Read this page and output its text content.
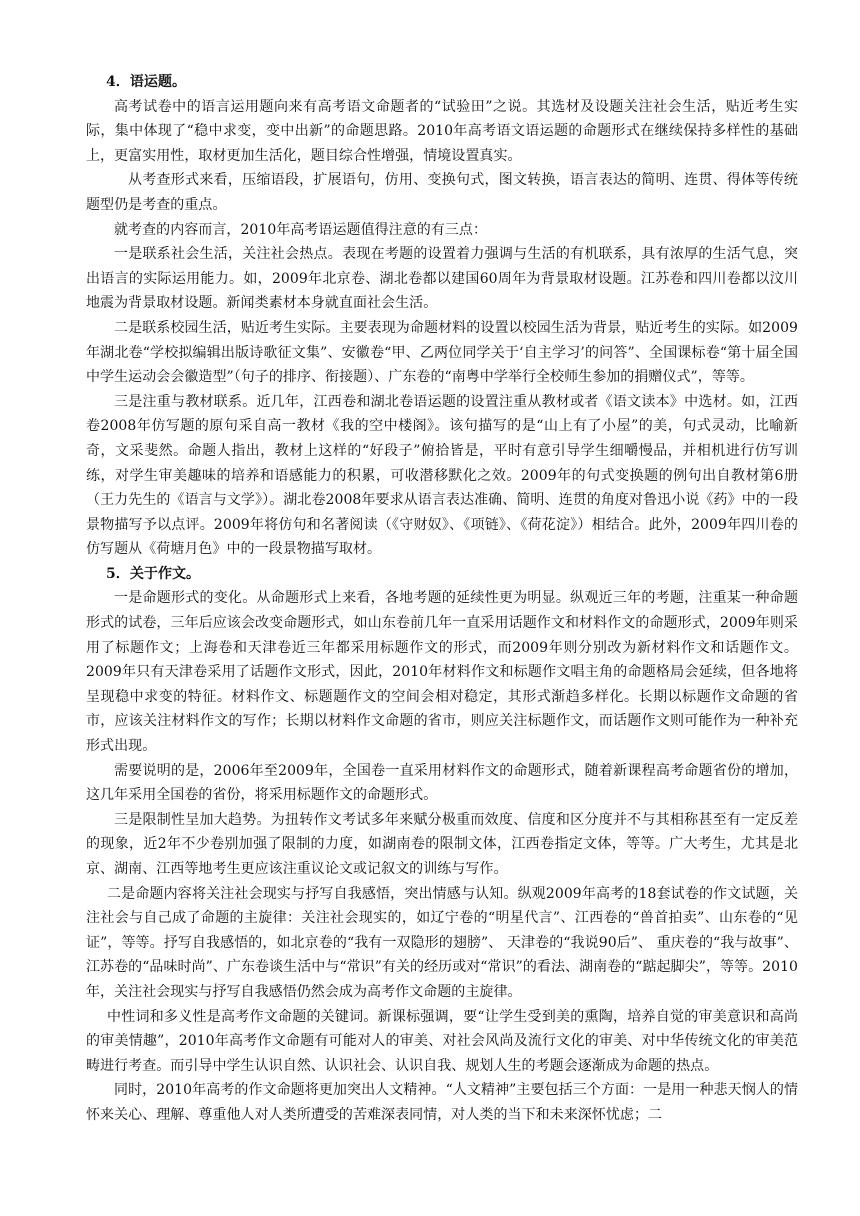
4．语运题。

高考试卷中的语言运用题向来有高考语文命题者的“试验田”之说。其选材及设题关注社会生活，贴近考生实际，集中体现了“稳中求变，变中出新”的命题思路。2010年高考语文语运题的命题形式在继续保持多样性的基础上，更富实用性，取材更加生活化，题目综合性增强，情境设置真实。

从考查形式来看，压缩语段，扩展语句，仿用、变换句式，图文转换，语言表达的简明、连贯、得体等传统题型仍是考查的重点。

就考查的内容而言，2010年高考语运题值得注意的有三点：

一是联系社会生活，关注社会热点。表现在考题的设置着力强调与生活的有机联系，具有浓厚的生活气息，突出语言的实际运用能力。如，2009年北京卷、湖北卷都以建国60周年为背景取材设题。江苏卷和四川卷都以汶川地震为背景取材设题。新闻类素材本身就直面社会生活。

二是联系校园生活，贴近考生实际。主要表现为命题材料的设置以校园生活为背景，贴近考生的实际。如2009年湖北卷“学校拟编辑出版诗歌征文集”、安徽卷“甲、乙两位同学关于‘自主学习’的问答”、全国课标卷“第十届全国中学生运动会会徽造型”（句子的排序、衔接题）、广东卷的“南粤中学举行全校师生参加的捐赠仪式”，等等。

三是注重与教材联系。近几年，江西卷和湖北卷语运题的设置注重从教材或者《语文读本》中选材。如，江西卷2008年仿写题的原句采自高一教材《我的空中楼阁》。该句描写的是“山上有了小屋”的美，句式灵动，比喻新奇，文采斐然。命题人指出，教材上这样的“好段子”俯拾皆是，平时有意引导学生细嚼慢品，并相机进行仿写训练，对学生审美趣味的培养和语感能力的积累，可收潜移默化之效。2009年的句式变换题的例句出自教材第6册（王力先生的《语言与文学》）。湖北卷2008年要求从语言表达准确、简明、连贯的角度对鲁迅小说《药》中的一段景物描写予以点评。2009年将仿句和名著阅读（《守财奴》、《项链》、《荷花淀》）相结合。此外，2009年四川卷的仿写题从《荷塘月色》中的一段景物描写取材。

5．关于作文。

一是命题形式的变化。从命题形式上来看，各地考题的延续性更为明显。纵观近三年的考题，注重某一种命题形式的试卷，三年后应该会改变命题形式，如山东卷前几年一直采用话题作文和材料作文的命题形式，2009年则采用了标题作文；上海卷和天津卷近三年都采用标题作文的形式，而2009年则分别改为新材料作文和话题作文。2009年只有天津卷采用了话题作文形式，因此，2010年材料作文和标题作文唱主角的命题格局会延续，但各地将呈现稳中求变的特征。材料作文、标题题作文的空间会相对稳定，其形式渐趋多样化。长期以标题作文命题的省市，应该关注材料作文的写作；长期以材料作文命题的省市，则应关注标题作文，而话题作文则可能作为一种补充形式出现。

需要说明的是，2006年至2009年，全国卷一直采用材料作文的命题形式，随着新课程高考命题省份的增加，这几年采用全国卷的省份，将采用标题作文的命题形式。

三是限制性呈加大趋势。为扭转作文考试多年来赋分极重而效度、信度和区分度并不与其相称甚至有一定反差的现象，近2年不少卷别加强了限制的力度，如湖南卷的限制文体，江西卷指定文体，等等。广大考生，尤其是北京、湖南、江西等地考生更应该注重议论文或记叙文的训练与写作。

二是命题内容将关注社会现实与抒写自我感悟，突出情感与认知。纵观2009年高考的18套试卷的作文试题，关注社会与自己成了命题的主旋律：关注社会现实的，如辽宁卷的“明星代言”、江西卷的“兽首拍卖”、山东卷的“见证”，等等。抒写自我感悟的，如北京卷的“我有一双隐形的翅膀”、 天津卷的“我说90后”、 重庆卷的“我与故事”、 江苏卷的“品味时尚”、广东卷谈生活中与“常识”有关的经历或对“常识”的看法、湖南卷的“踮起脚尖”，等等。2010年，关注社会现实与抒写自我感悟仍然会成为高考作文命题的主旋律。

中性词和多义性是高考作文命题的关键词。新课标强调，要“让学生受到美的熏陶，培养自觉的审美意识和高尚的审美情趣”，2010年高考作文命题有可能对人的审美、对社会风尚及流行文化的审美、对中华传统文化的审美范畴进行考查。而引导中学生认识自然、认识社会、认识自我、规划人生的考题会逐渐成为命题的热点。

同时，2010年高考的作文命题将更加突出人文精神。“人文精神”主要包括三个方面：一是用一种悲天悯人的情怀来关心、理解、尊重他人对人类所遭受的苦难深表同情，对人类的当下和未来深怀忧虑；二
